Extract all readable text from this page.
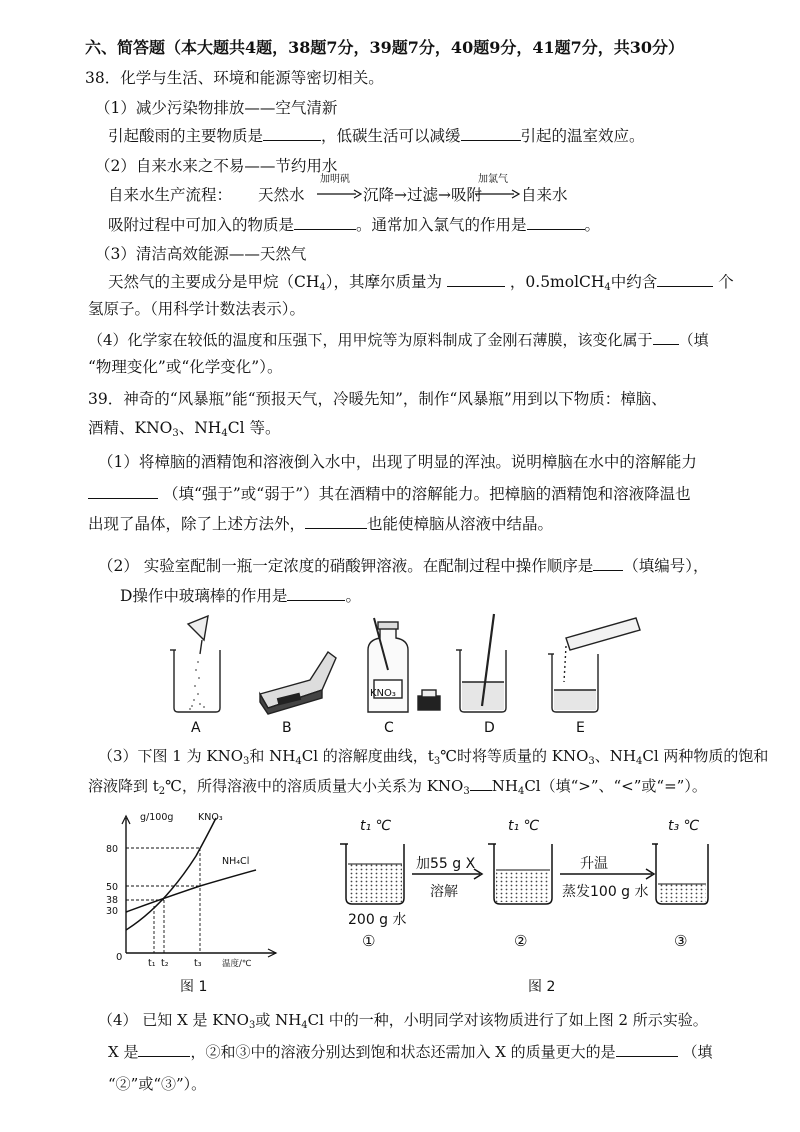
六、简答题（本大题共4题，38题7分，39题7分，40题9分，41题7分，共30分）
38．化学与生活、环境和能源等密切相关。
（1）减少污染物排放——空气清新
引起酸雨的主要物质是	，低碳生活可以减缓	引起的温室效应。
（2）自来水来之不易——节约用水
自来水生产流程： 天然水
加明矾
沉降→过滤→吸附
加氯气
自来水
吸附过程中可加入的物质是	。通常加入氯气的作用是	。
（3）清洁高效能源——天然气
天然气的主要成分是甲烷$(CH_4)$，其摩尔质量为	，0.5molCH$_4$中约含	个
氢原子。（用科学计数法表示）。
（4）化学家在较低的温度和压强下，用甲烷等为原料制成了金刚石薄膜，该变化属于 （填
“物理变化”或“化学变化”）。
39．神奇的“风暴瓶”能“预报天气，冷暖先知”，制作“风暴瓶”用到以下物质：樟脑、
酒精、$KNO_3$、$NH_4Cl$ 等。
（1）将樟脑的酒精饱和溶液倒入水中，出现了明显的浑浊。说明樟脑在水中的溶解能力
（填“强于”或“弱于”）其在酒精中的溶解能力。把樟脑的酒精饱和溶液降温也
出现了晶体，除了上述方法外，	也能使樟脑从溶液中结晶。
（2） 实验室配制一瓶一定浓度的硝酸钾溶液。在配制过程中操作顺序是 （填编号），
D操作中玻璃棒的作用是	。
KNO₃
A	B	C	D	E
（3）下图 1 为 $KNO_3$和 $NH_4Cl$ 的溶解度曲线，$t_3℃$时将等质量的 $KNO_3$、$NH_4Cl$ 两种物质的饱和
溶液降到 $t_2℃$，所得溶液中的溶质质量大小关系为 $KNO_3$ $NH_4Cl$（填“>”、“<”或“=”）。
g/100g
80
50
38
30
0
t₁ t₂	t₃ 温度/℃
KNO₃
NH₄Cl
图 1
t₁ ℃	t₁ ℃	t₃ ℃
加55 g X
溶解
升温
蒸发100 g 水
200 g 水
①	②	③
图 2
（4） 已知 X 是 $KNO_3$或 $NH_4Cl$ 中的一种，小明同学对该物质进行了如上图 2 所示实验。
X 是	，②和③中的溶液分别达到饱和状态还需加入 X 的质量更大的是	（填
“②”或“③”）。
